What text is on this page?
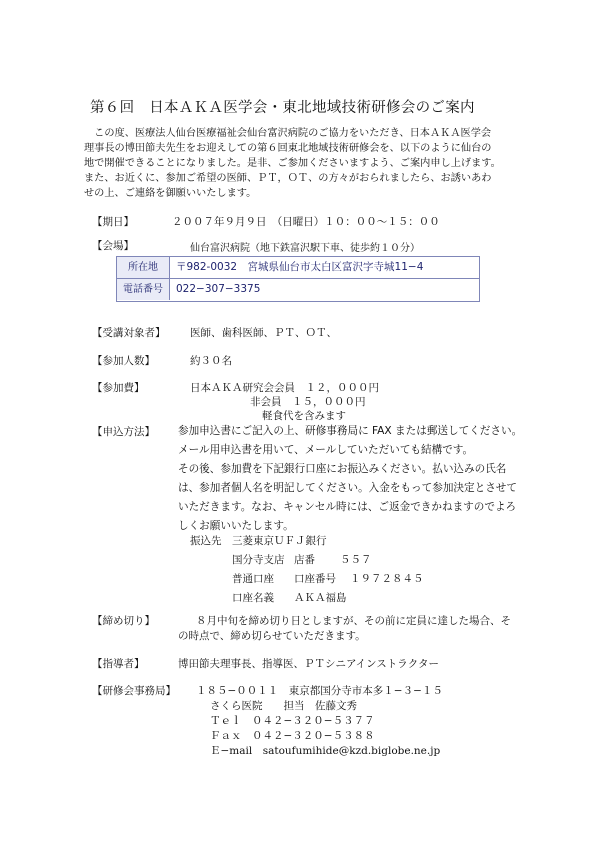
第６回　日本ＡＫＡ医学会・東北地域技術研修会のご案内
　この度、医療法人仙台医療福祉会仙台富沢病院のご協力をいただき、日本ＡＫＡ医学会
理事長の博田節夫先生をお迎えしての第６回東北地域技術研修会を、以下のように仙台の
地で開催できることになりました。是非、ご参加くださいますよう、ご案内申し上げます。
また、お近くに、参加ご希望の医師、ＰＴ，ＯＴ、の方々がおられましたら、お誘いあわ
せの上、ご連絡を御願いいたします。
【期日】	２００７年９月９日　（日曜日）１０：００〜１５：００
【会場】	仙台富沢病院（地下鉄富沢駅下車、徒歩約１０分）
所在地	〒982-0032　宮城県仙台市太白区富沢字寺城11−4
電話番号	022−307−3375
【受講対象者】 医師、歯科医師、ＰＴ、ＯＴ、
【参加人数】	約３０名
【参加費】	日本ＡＫＡ研究会会員　１２，０００円
非会員　１５，０００円
軽食代を含みます
【申込方法】 参加申込書にご記入の上、研修事務局に FAX または郵送してください。
メール用申込書を用いて、メールしていただいても結構です。
その後、参加費を下記銀行口座にお振込みください。払い込みの氏名
は、参加者個人名を明記してください。入金をもって参加決定とさせて
いただきます。なお、キャンセル時には、ご返金できかねますのでよろ
しくお願いいたします。
振込先 三菱東京ＵＦＪ銀行
国分寺支店 店番 ５５７
普通口座 口座番号 １９７２８４５
口座名義 ＡＫＡ福島
【締め切り】	８月中旬を締め切り日としますが、その前に定員に達した場合、そ
の時点で、締め切らせていただきます。
【指導者】	博田節夫理事長、指導医、ＰＴシニアインストラクター
【研修会事務局】 １８５−００１１　東京都国分寺市本多１−３−１５
さくら医院　　担当　佐藤文秀
Ｔｅｌ　０４２−３２０−５３７７
Ｆａｘ　０４２−３２０−５３８８
Ｅ−mail　satoufumihide@kzd.biglobe.ne.jp
